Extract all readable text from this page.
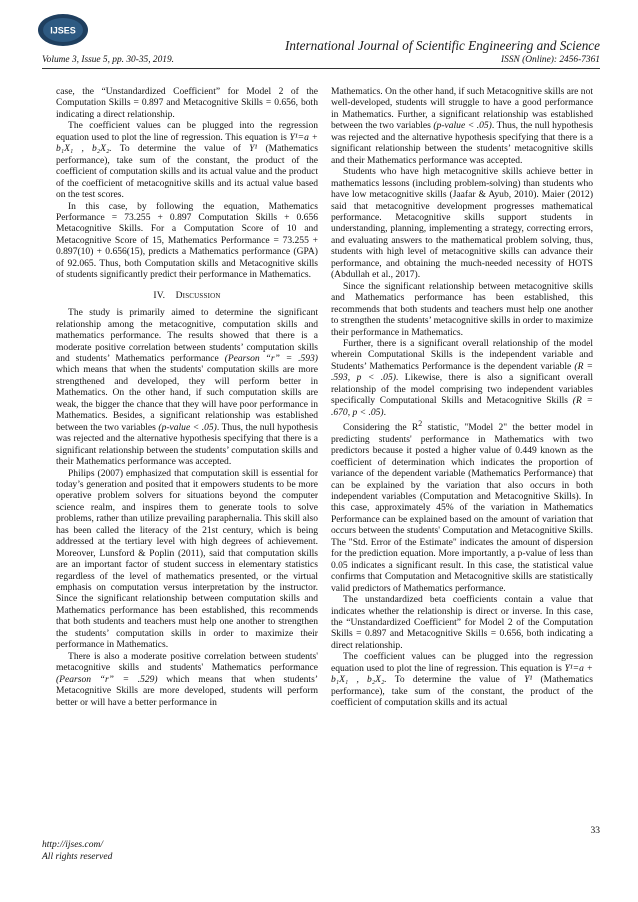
IJSES
International Journal of Scientific Engineering and Science
Volume 3, Issue 5, pp. 30-35, 2019.	ISSN (Online): 2456-7361

case, the “Unstandardized Coefficient” for Model 2 of the Computation Skills = 0.897 and Metacognitive Skills = 0.656, both indicating a direct relationship.

The coefficient values can be plugged into the regression equation used to plot the line of regression. This equation is Y¹=a + b₁X₁ , b₂X₂. To determine the value of Y¹ (Mathematics performance), take sum of the constant, the product of the coefficient of computation skills and its actual value and the product of the coefficient of metacognitive skills and its actual value based on the test scores.

In this case, by following the equation, Mathematics Performance = 73.255 + 0.897 Computation Skills + 0.656 Metacognitive Skills. For a Computation Score of 10 and Metacognitive Score of 15, Mathematics Performance = 73.255 + 0.897(10) + 0.656(15), predicts a Mathematics performance (GPA) of 92.065. Thus, both Computation skills and Metacognitive skills of students significantly predict their performance in Mathematics.

IV. Discussion

The study is primarily aimed to determine the significant relationship among the metacognitive, computation skills and mathematics performance. The results showed that there is a moderate positive correlation between students’ computation skills and students’ Mathematics performance (Pearson “r” = .593) which means that when the students' computation skills are more strengthened and developed, they will perform better in Mathematics. On the other hand, if such computation skills are weak, the bigger the chance that they will have poor performance in Mathematics. Besides, a significant relationship was established between the two variables (p-value < .05). Thus, the null hypothesis was rejected and the alternative hypothesis specifying that there is a significant relationship between the students’ computation skills and their Mathematics performance was accepted.

Philips (2007) emphasized that computation skill is essential for today’s generation and posited that it empowers students to be more operative problem solvers for situations beyond the computer science realm, and inspires them to generate tools to solve problems, rather than utilize prevailing paraphernalia. This skill also has been called the literacy of the 21st century, which is being addressed at the tertiary level with high degrees of achievement. Moreover, Lunsford & Poplin (2011), said that computation skills are an important factor of student success in elementary statistics regardless of the level of mathematics presented, or the virtual emphasis on computation versus interpretation by the instructor. Since the significant relationship between computation skills and Mathematics performance has been established, this recommends that both students and teachers must help one another to strengthen the students’ computation skills in order to maximize their performance in Mathematics.

There is also a moderate positive correlation between students' metacognitive skills and students' Mathematics performance (Pearson “r” = .529) which means that when students’ Metacognitive Skills are more developed, students will perform better or will have a better performance in

Mathematics. On the other hand, if such Metacognitive skills are not well-developed, students will struggle to have a good performance in Mathematics. Further, a significant relationship was established between the two variables (p-value < .05). Thus, the null hypothesis was rejected and the alternative hypothesis specifying that there is a significant relationship between the students’ metacognitive skills and their Mathematics performance was accepted.

Students who have high metacognitive skills achieve better in mathematics lessons (including problem-solving) than students who have low metacognitive skills (Jaafar & Ayub, 2010). Maier (2012) said that metacognitive development progresses mathematical performance. Metacognitive skills support students in understanding, planning, implementing a strategy, correcting errors, and evaluating answers to the mathematical problem solving, thus, students with high level of metacognitive skills can advance their performance, and obtaining the much-needed necessity of HOTS (Abdullah et al., 2017).

Since the significant relationship between metacognitive skills and Mathematics performance has been established, this recommends that both students and teachers must help one another to strengthen the students’ metacognitive skills in order to maximize their performance in Mathematics.

Further, there is a significant overall relationship of the model wherein Computational Skills is the independent variable and Students’ Mathematics Performance is the dependent variable (R = .593, p < .05). Likewise, there is also a significant overall relationship of the model comprising two independent variables specifically Computational Skills and Metacognitive Skills (R = .670, p < .05).

Considering the $R^2$ statistic, "Model 2" the better model in predicting students' performance in Mathematics with two predictors because it posted a higher value of 0.449 known as the coefficient of determination which indicates the proportion of variance of the dependent variable (Mathematics Performance) that can be explained by the variation that also occurs in both independent variables (Computation and Metacognitive Skills). In this case, approximately 45% of the variation in Mathematics Performance can be explained based on the amount of variation that occurs between the students' Computation and Metacognitive Skills. The "Std. Error of the Estimate" indicates the amount of dispersion for the prediction equation. More importantly, a p-value of less than 0.05 indicates a significant result. In this case, the statistical value confirms that Computation and Metacognitive skills are statistically valid predictors of Mathematics performance.

The unstandardized beta coefficients contain a value that indicates whether the relationship is direct or inverse. In this case, the “Unstandardized Coefficient” for Model 2 of the Computation Skills = 0.897 and Metacognitive Skills = 0.656, both indicating a direct relationship.

The coefficient values can be plugged into the regression equation used to plot the line of regression. This equation is Y¹=a + b₁X₁ , b₂X₂. To determine the value of Y¹ (Mathematics performance), take sum of the constant, the product of the coefficient of computation skills and its actual

33
http://ijses.com/
All rights reserved
